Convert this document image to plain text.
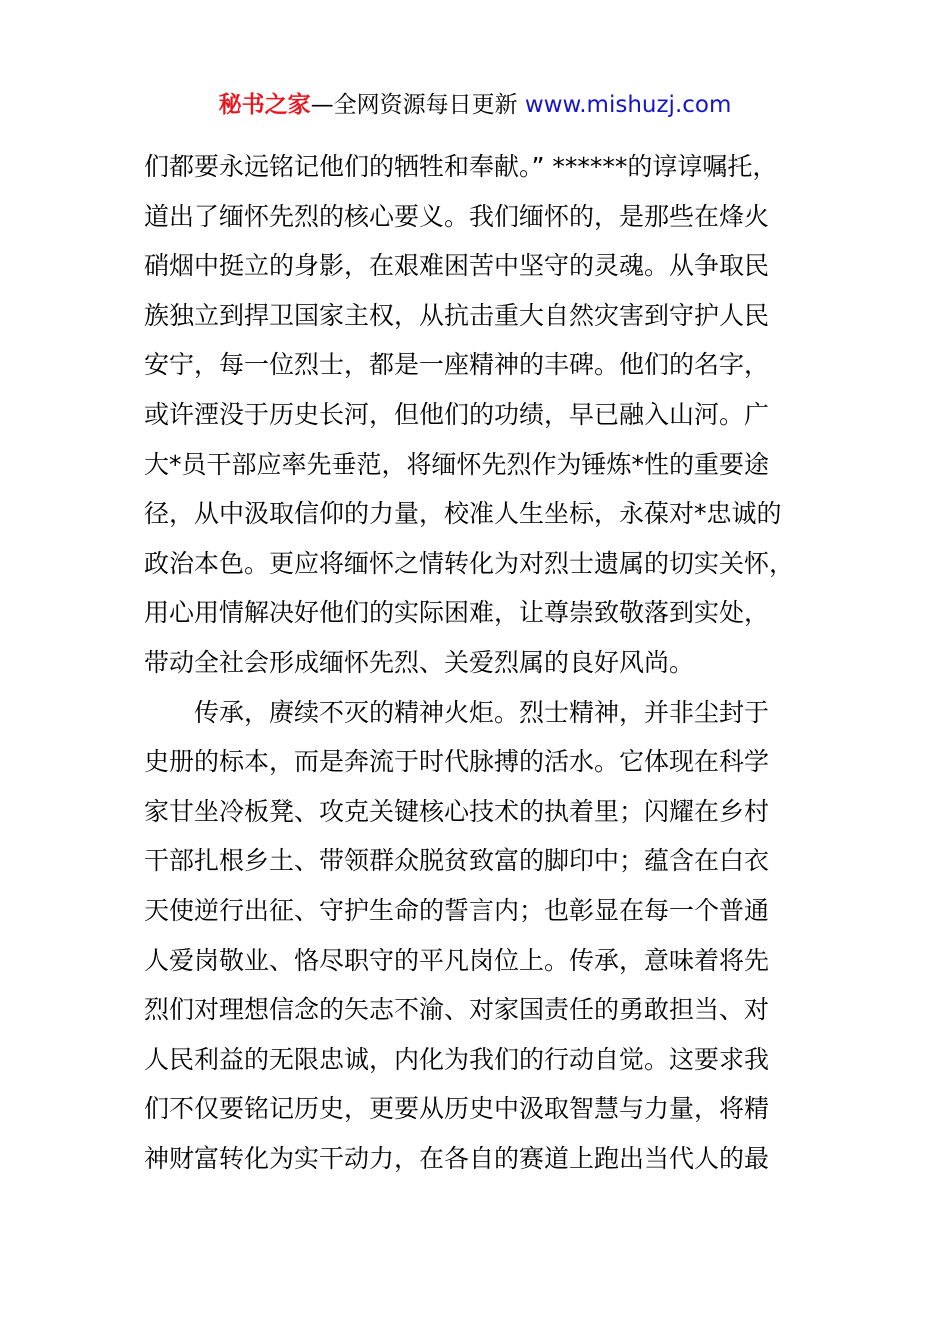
秘书之家—全网资源每日更新 www.mishuzj.com
们都要永远铭记他们的牺牲和奉献。” ******的谆谆嘱托，
道出了缅怀先烈的核心要义。我们缅怀的，是那些在烽火
硝烟中挺立的身影，在艰难困苦中坚守的灵魂。从争取民
族独立到捍卫国家主权，从抗击重大自然灾害到守护人民
安宁，每一位烈士，都是一座精神的丰碑。他们的名字，
或许湮没于历史长河，但他们的功绩，早已融入山河。广
大*员干部应率先垂范，将缅怀先烈作为锤炼*性的重要途
径，从中汲取信仰的力量，校准人生坐标，永葆对*忠诚的
政治本色。更应将缅怀之情转化为对烈士遗属的切实关怀，
用心用情解决好他们的实际困难，让尊崇致敬落到实处，
带动全社会形成缅怀先烈、关爱烈属的良好风尚。
传承，赓续不灭的精神火炬。烈士精神，并非尘封于
史册的标本，而是奔流于时代脉搏的活水。它体现在科学
家甘坐冷板凳、攻克关键核心技术的执着里；闪耀在乡村
干部扎根乡土、带领群众脱贫致富的脚印中；蕴含在白衣
天使逆行出征、守护生命的誓言内；也彰显在每一个普通
人爱岗敬业、恪尽职守的平凡岗位上。传承，意味着将先
烈们对理想信念的矢志不渝、对家国责任的勇敢担当、对
人民利益的无限忠诚，内化为我们的行动自觉。这要求我
们不仅要铭记历史，更要从历史中汲取智慧与力量，将精
神财富转化为实干动力，在各自的赛道上跑出当代人的最
